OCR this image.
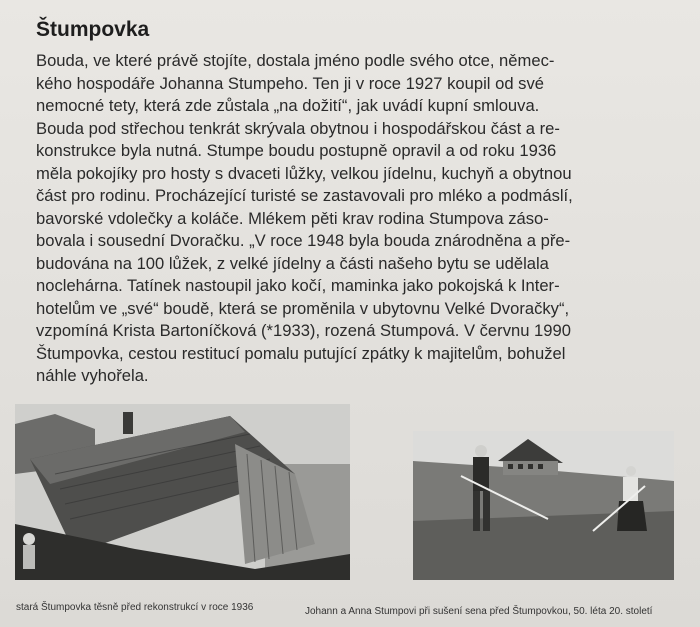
Štumpovka
Bouda, ve které právě stojíte, dostala jméno podle svého otce, němec-
kého hospodáře Johanna Stumpeho. Ten ji v roce 1927 koupil od své
nemocné tety, která zde zůstala „na dožití“, jak uvádí kupní smlouva.
Bouda pod střechou tenkrát skrývala obytnou i hospodářskou část a re-
konstrukce byla nutná. Stumpe boudu postupně opravil a od roku 1936
měla pokojíky pro hosty s dvaceti lůžky, velkou jídelnu, kuchyň a obytnou
část pro rodinu. Procházející turisté se zastavovali pro mléko a podmáslí,
bavorské vdolečky a koláče. Mlékem pěti krav rodina Stumpova záso-
bovala i sousední Dvoračku. „V roce 1948 byla bouda znárodněna a pře-
budována na 100 lůžek, z velké jídelny a části našeho bytu se udělala
noclehárna. Tatínek nastoupil jako kočí, maminka jako pokojská k Inter-
hotelům ve „své“ boudě, která se proměnila v ubytovnu Velké Dvoračky“,
vzpomíná Krista Bartoníčková (*1933), rozená Stumpová. V červnu 1990
Štumpovka, cestou restitucí pomalu putující zpátky k majitelům, bohužel
náhle vyhořela.
stará Štumpovka těsně před rekonstrukcí v roce 1936	Johann a Anna Stumpovi při sušení sena před Štumpovkou, 50. léta 20. století
